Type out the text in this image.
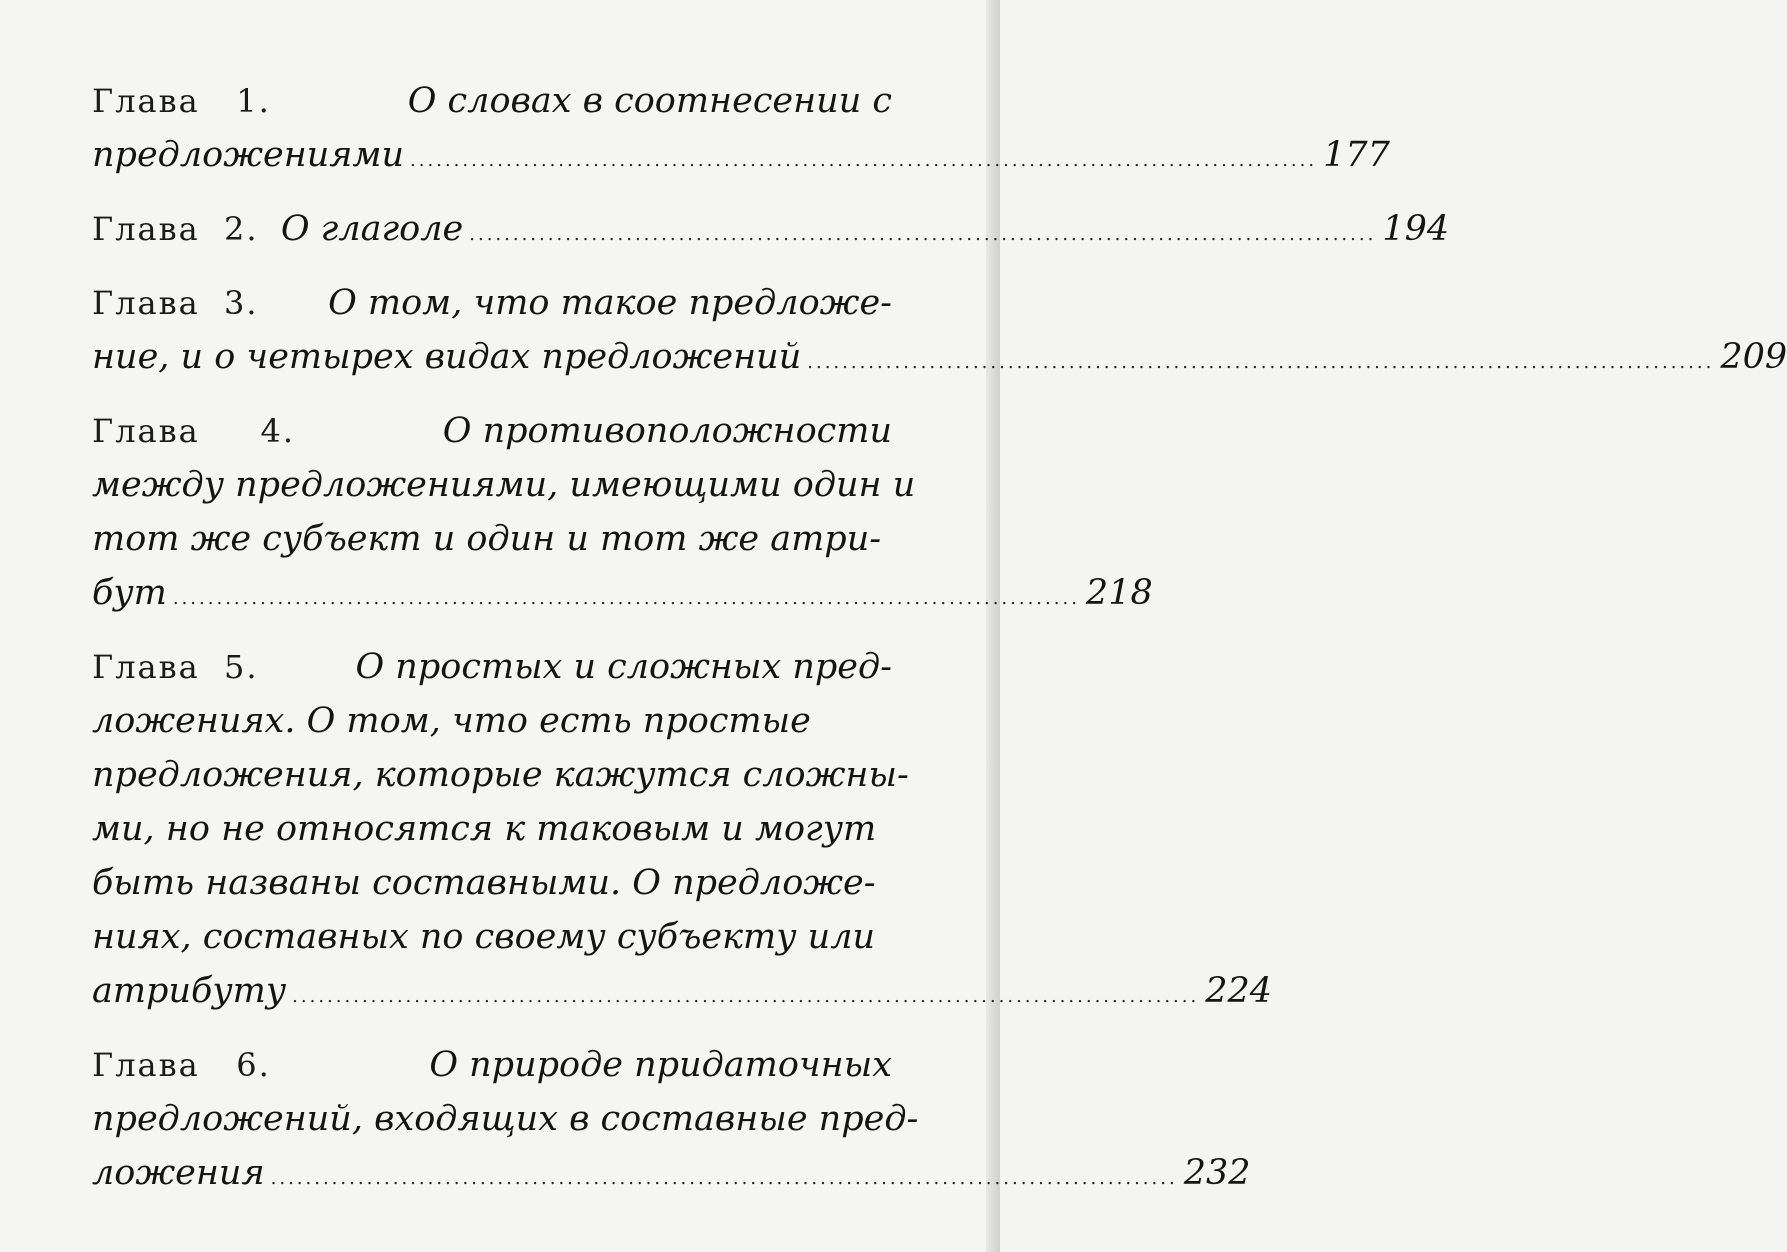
Глава 1.	О словах в соотнесении с
предложениями ........................................................................................................ 177
Глава 2. О глаголе ........................................................................................................ 194
Глава 3. О том, что такое предложе-
ние, и о четырех видах предложений ........................................................................................................ 209
Глава 4.	О противоположности
между предложениями, имеющими один и
тот же субъект и один и тот же атри-
бут ........................................................................................................ 218
Глава 5.	О простых и сложных пред-
ложениях. О том, что есть простые
предложения, которые кажутся сложны-
ми, но не относятся к таковым и могут
быть названы составными. О предложе-
ниях, составных по своему субъекту или
атрибуту ........................................................................................................ 224
Глава 6.	О природе придаточных
предложений, входящих в составные пред-
ложения ........................................................................................................ 232
